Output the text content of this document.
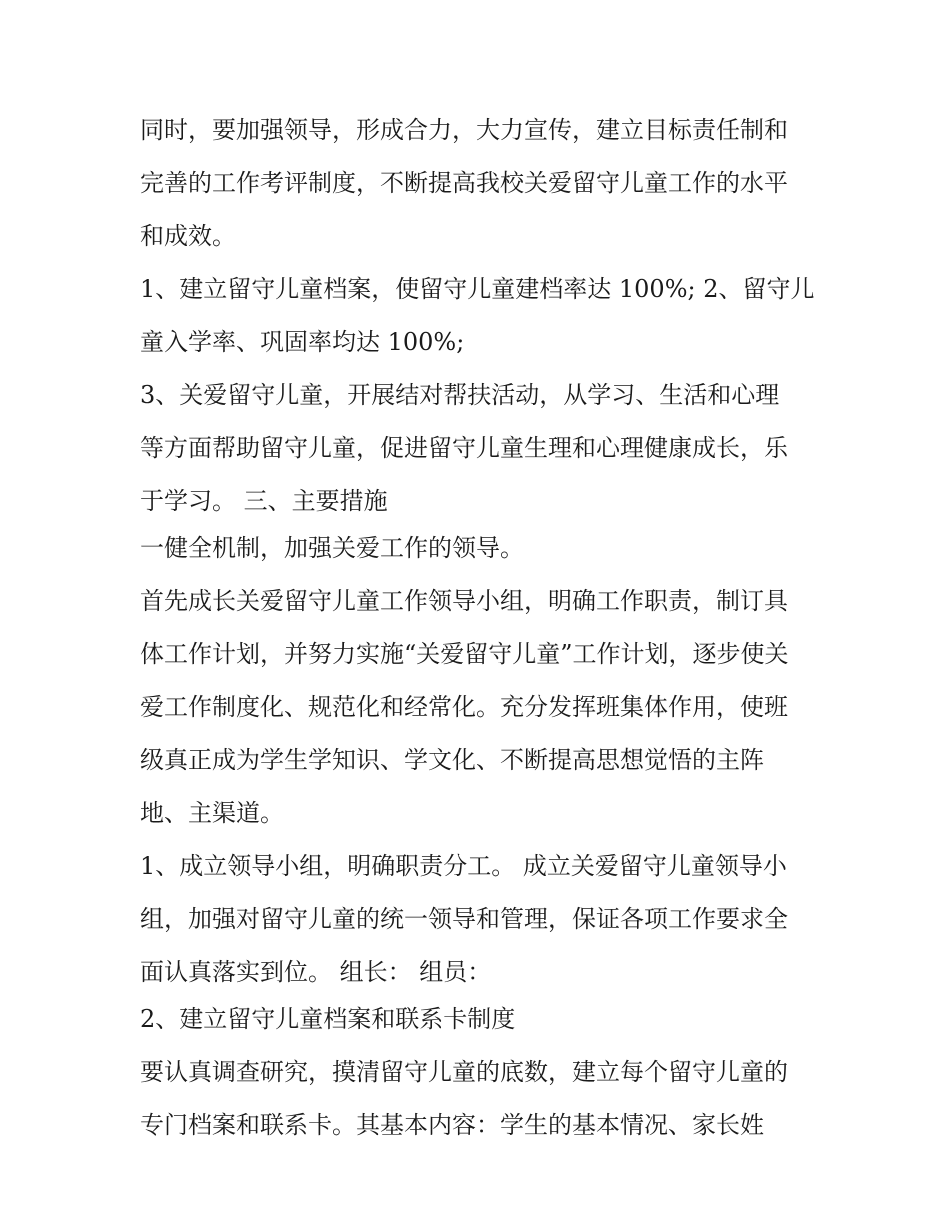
同时，要加强领导，形成合力，大力宣传，建立目标责任制和
完善的工作考评制度，不断提高我校关爱留守儿童工作的水平
和成效。
1、建立留守儿童档案，使留守儿童建档率达 100%; 2、留守儿
童入学率、巩固率均达 100%;
3、关爱留守儿童，开展结对帮扶活动，从学习、生活和心理
等方面帮助留守儿童，促进留守儿童生理和心理健康成长，乐
于学习。 三、主要措施
一健全机制，加强关爱工作的领导。
首先成长关爱留守儿童工作领导小组，明确工作职责，制订具
体工作计划，并努力实施“关爱留守儿童”工作计划，逐步使关
爱工作制度化、规范化和经常化。充分发挥班集体作用，使班
级真正成为学生学知识、学文化、不断提高思想觉悟的主阵
地、主渠道。
1、成立领导小组，明确职责分工。 成立关爱留守儿童领导小
组，加强对留守儿童的统一领导和管理，保证各项工作要求全
面认真落实到位。 组长： 组员：
2、建立留守儿童档案和联系卡制度
要认真调查研究，摸清留守儿童的底数，建立每个留守儿童的
专门档案和联系卡。其基本内容：学生的基本情况、家长姓
